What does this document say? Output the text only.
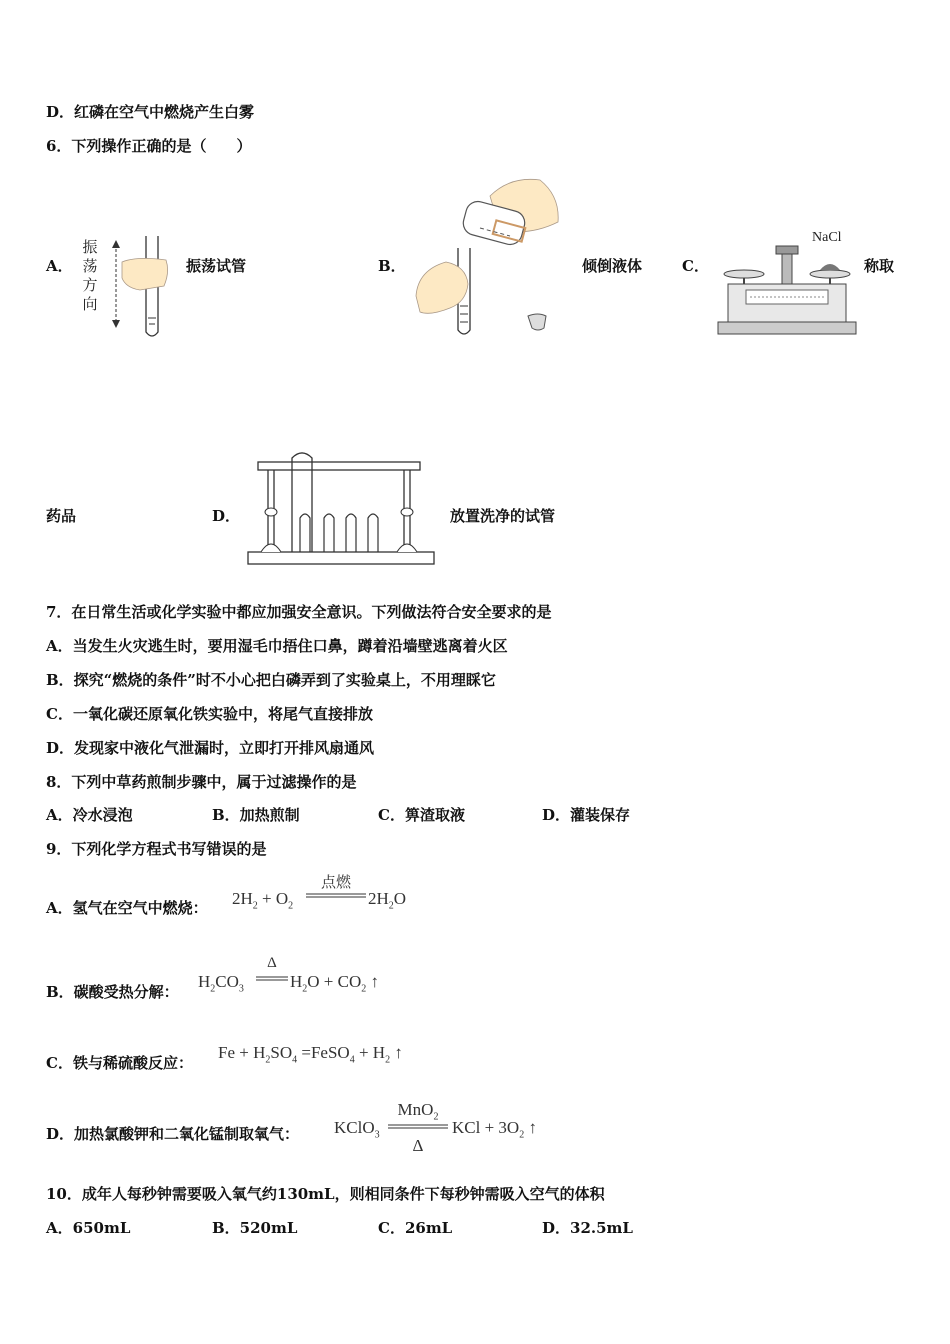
D．红磷在空气中燃烧产生白雾
6．下列操作正确的是（　　）
A．
振
荡
方
向
振荡试管	B．	倾倒液体	C．
NaCl
称取
药品	D．	放置洗净的试管
7．在日常生活或化学实验中都应加强安全意识。下列做法符合安全要求的是
A．当发生火灾逃生时，要用湿毛巾捂住口鼻，蹲着沿墙壁逃离着火区
B．探究“燃烧的条件”时不小心把白磷弄到了实验桌上，不用理睬它
C．一氧化碳还原氧化铁实验中，将尾气直接排放
D．发现家中液化气泄漏时，立即打开排风扇通风
8．下列中草药煎制步骤中，属于过滤操作的是
A．冷水浸泡	B．加热煎制	C．箅渣取液	D．灌装保存
9．下列化学方程式书写错误的是
A．氢气在空气中燃烧： $2H_2 + O_2$
点燃
$2H_2O$
B．碳酸受热分解：
$H_2CO_3$
Δ
$H_2O + CO_2$ ↑
C．铁与稀硫酸反应：
$Fe + H_2SO_4$ =FeSO$_4$ + $H_2$ ↑
D．加热氯酸钾和二氧化锰制取氧气： KClO$_3$
MnO$_2$
Δ
KCl + $3O_2$ ↑
10．成年人每秒钟需要吸入氧气约130mL，则相同条件下每秒钟需吸入空气的体积
A．650mL	B．520mL	C．26mL	D．32.5mL
